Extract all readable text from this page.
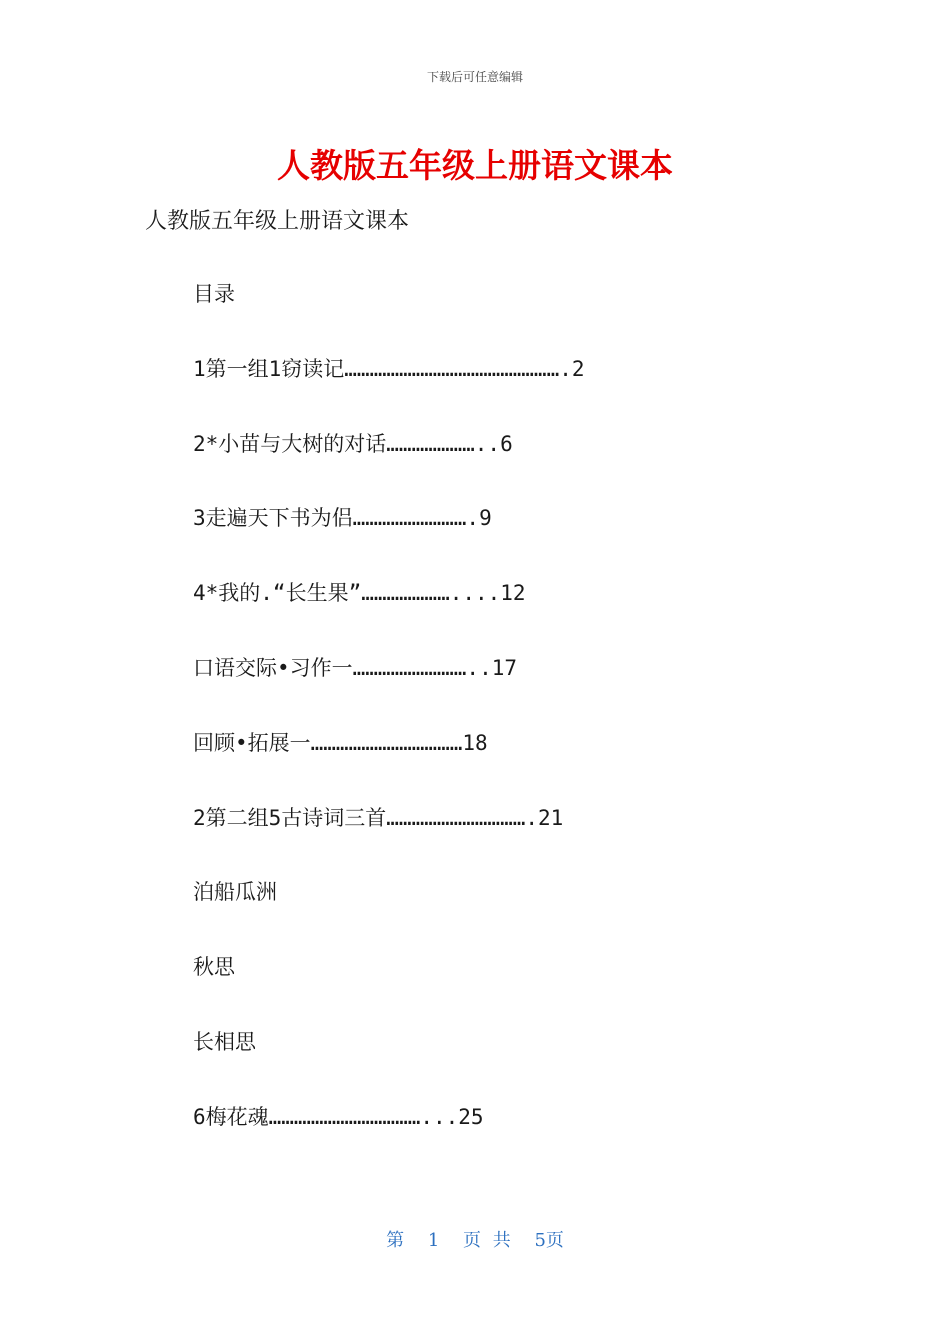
下载后可任意编辑
人教版五年级上册语文课本
人教版五年级上册语文课本
目录
1第一组1窃读记…………………………………………….2
2*小苗与大树的对话…………………..6
3走遍天下书为侣……………………….9
4*我的.“长生果”…………………....12
口语交际•习作一………………………..17
回顾•拓展一………………………………18
2第二组5古诗词三首…………………………….21
泊船瓜洲
秋思
长相思
6梅花魂………………………………...25
第 1 页 共 5页
